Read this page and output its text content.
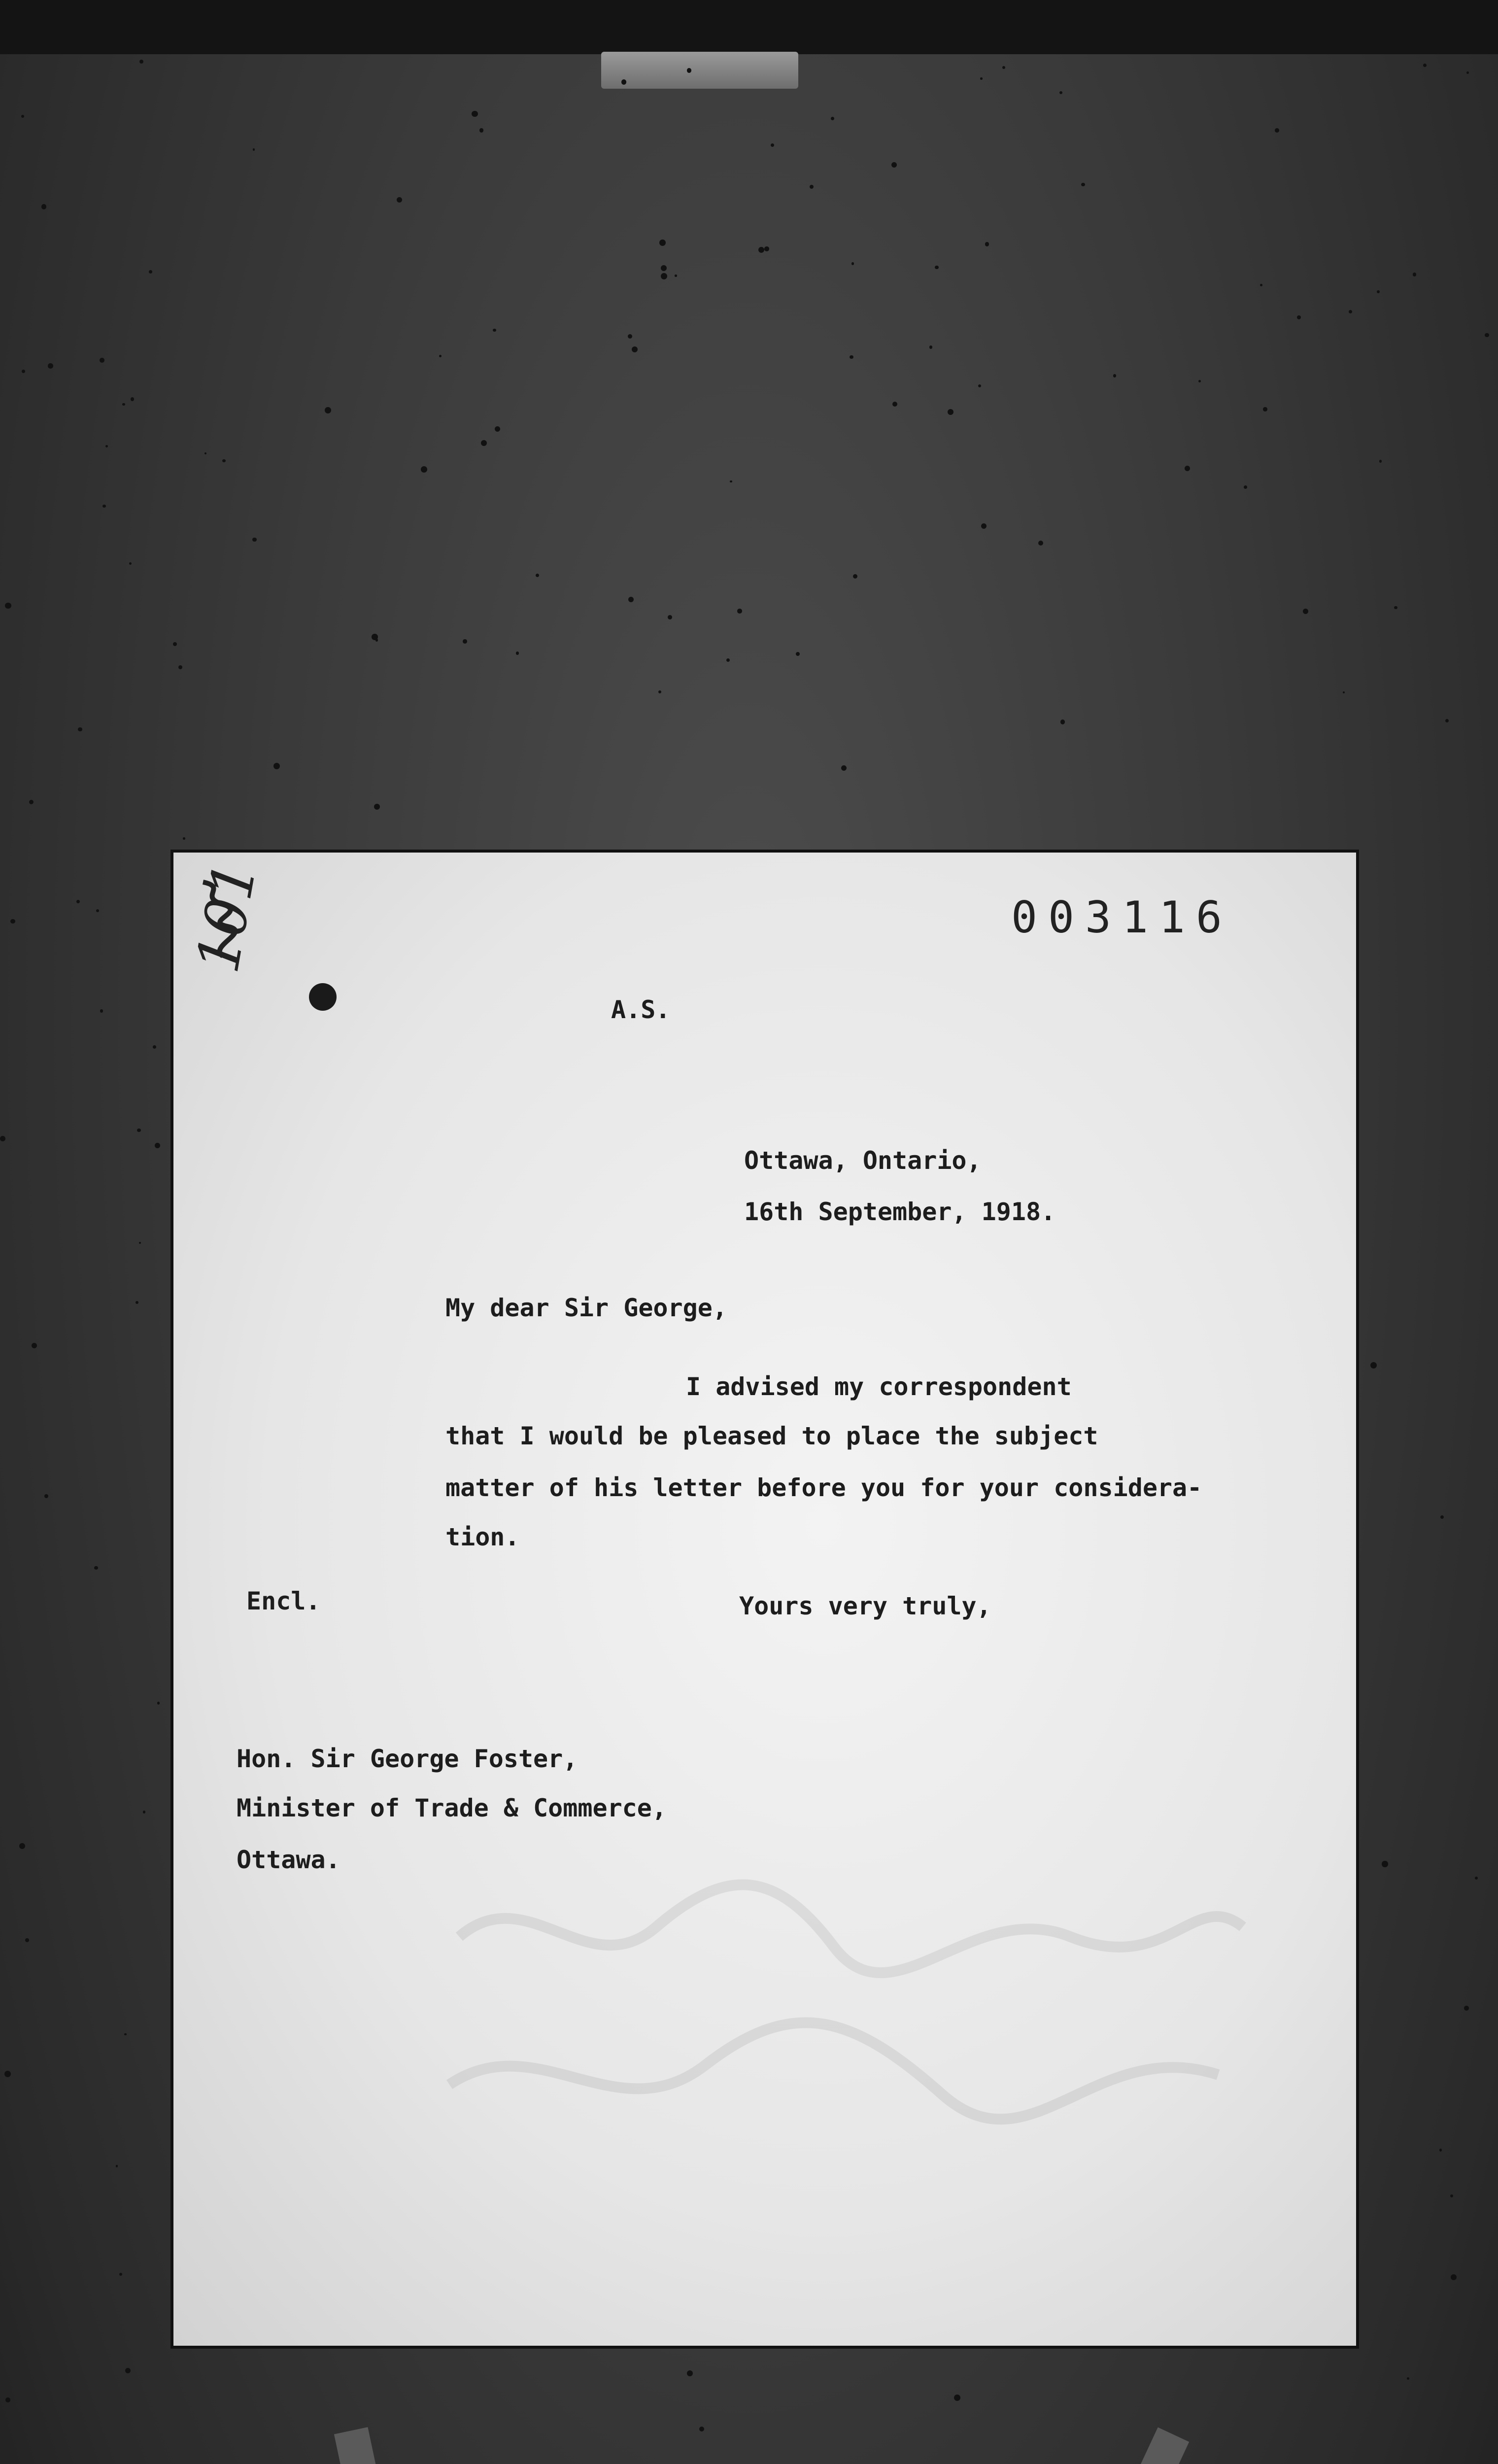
101	003116
A.S.
Ottawa, Ontario,
16th September, 1918.
My dear Sir George,
I advised my correspondent
that I would be pleased to place the subject
matter of his letter before you for your considera-
tion.
Encl.	Yours very truly,
Hon. Sir George Foster,
Minister of Trade & Commerce,
Ottawa.
